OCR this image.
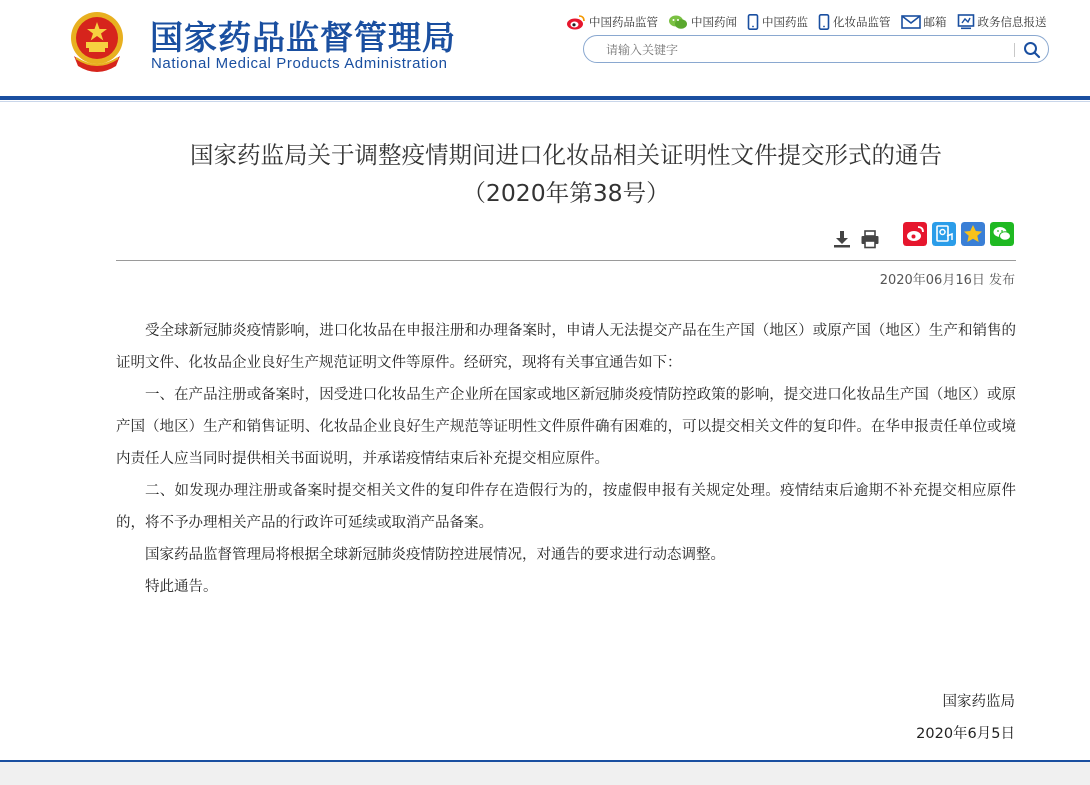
国家药品监督管理局
National Medical Products Administration
中国药品监管	中国药闻 中国药监 化妆品监管	邮箱	政务信息报送
请输入关键字
国家药监局关于调整疫情期间进口化妆品相关证明性文件提交形式的通告
（2020年第38号）
2020年06月16日 发布

受全球新冠肺炎疫情影响，进口化妆品在申报注册和办理备案时，申请人无法提交产品在生产国（地区）或原产国（地区）生产和销售的证明文件、化妆品企业良好生产规范证明文件等原件。经研究，现将有关事宜通告如下：

一、在产品注册或备案时，因受进口化妆品生产企业所在国家或地区新冠肺炎疫情防控政策的影响，提交进口化妆品生产国（地区）或原产国（地区）生产和销售证明、化妆品企业良好生产规范等证明性文件原件确有困难的，可以提交相关文件的复印件。在华申报责任单位或境内责任人应当同时提供相关书面说明，并承诺疫情结束后补充提交相应原件。

二、如发现办理注册或备案时提交相关文件的复印件存在造假行为的，按虚假申报有关规定处理。疫情结束后逾期不补充提交相应原件的，将不予办理相关产品的行政许可延续或取消产品备案。

国家药品监督管理局将根据全球新冠肺炎疫情防控进展情况，对通告的要求进行动态调整。

特此通告。

国家药监局
2020年6月5日
